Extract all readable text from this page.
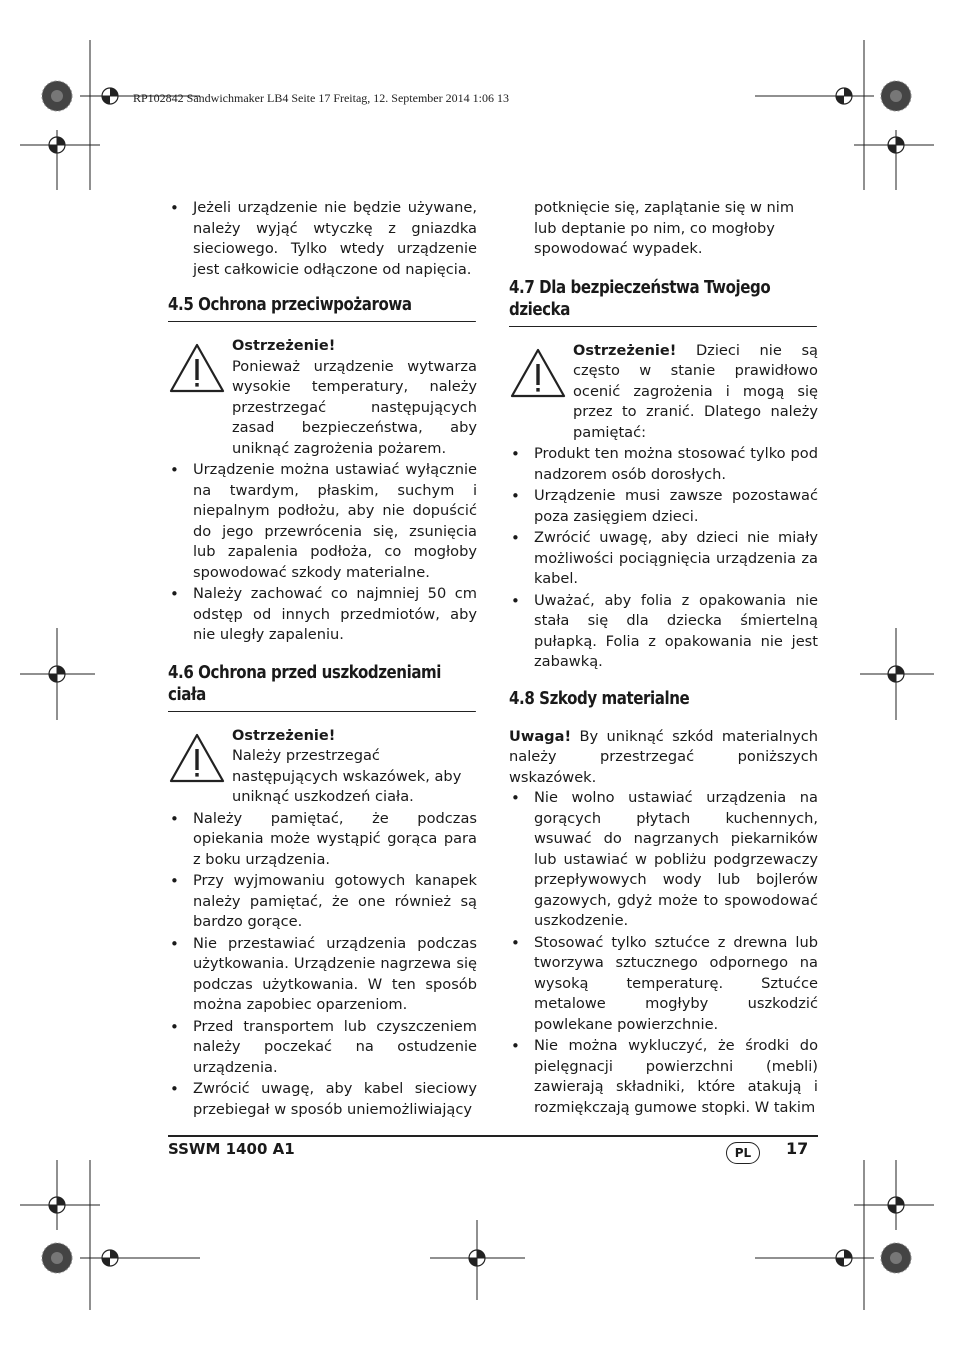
RP102842 Sandwichmaker LB4 Seite 17 Freitag, 12. September 2014 1:06 13
• Jeżeli urządzenie nie będzie używane, należy wyjąć wtyczkę z gniazdka sieciowego. Tylko wtedy urządzenie jest całkowicie odłączone od napięcia.
4.5 Ochrona przeciwpożarowa

Ostrzeżenie!

Ponieważ urządzenie wytwarza wysokie temperatury, należy przestrzegać następujących zasad bezpieczeństwa, aby uniknąć zagrożenia pożarem.

• Urządzenie można ustawiać wyłącznie na twardym, płaskim, suchym i niepalnym podłożu, aby nie dopuścić do jego przewrócenia się, zsunięcia lub zapalenia podłoża, co mogłoby spowodować szkody materialne.
• Należy zachować co najmniej 50 cm odstęp od innych przedmiotów, aby nie uległy zapaleniu.
4.6 Ochrona przed uszkodzeniami ciała

Ostrzeżenie!

Należy przestrzegać następujących wskazówek, aby uniknąć uszkodzeń ciała.

• Należy pamiętać, że podczas opiekania może wystąpić gorąca para z boku urządzenia.
• Przy wyjmowaniu gotowych kanapek należy pamiętać, że one również są bardzo gorące.
• Nie przestawiać urządzenia podczas użytkowania. Urządzenie nagrzewa się podczas użytkowania. W ten sposób można zapobiec oparzeniom.
• Przed transportem lub czyszczeniem należy poczekać na ostudzenie urządzenia.
• Zwrócić uwagę, aby kabel sieciowy przebiegał w sposób uniemożliwiający

potknięcie się, zaplątanie się w nim lub deptanie po nim, co mogłoby spowodować wypadek.

4.7 Dla bezpieczeństwa Twojego dziecka

Ostrzeżenie! Dzieci nie są często w stanie prawidłowo ocenić zagrożenia i mogą się przez to zranić. Dlatego należy pamiętać:

• Produkt ten można stosować tylko pod nadzorem osób dorosłych.
• Urządzenie musi zawsze pozostawać poza zasięgiem dzieci.
• Zwrócić uwagę, aby dzieci nie miały możliwości pociągnięcia urządzenia za kabel.
• Uważać, aby folia z opakowania nie stała się dla dziecka śmiertelną pułapką. Folia z opakowania nie jest zabawką.
4.8 Szkody materialne

Uwaga! By uniknąć szkód materialnych należy przestrzegać poniższych wskazówek.

• Nie wolno ustawiać urządzenia na gorących płytach kuchennych, wsuwać do nagrzanych piekarników lub ustawiać w pobliżu podgrzewaczy przepływowych wody lub bojlerów gazowych, gdyż może to spowodować uszkodzenie.
• Stosować tylko sztućce z drewna lub tworzywa sztucznego odpornego na wysoką temperaturę. Sztućce metalowe mogłyby uszkodzić powlekane powierzchnie.
• Nie można wykluczyć, że środki do pielęgnacji powierzchni (mebli) zawierają składniki, które atakują i rozmiękczają gumowe stopki. W takim
SSWM 1400 A1	PL	17
